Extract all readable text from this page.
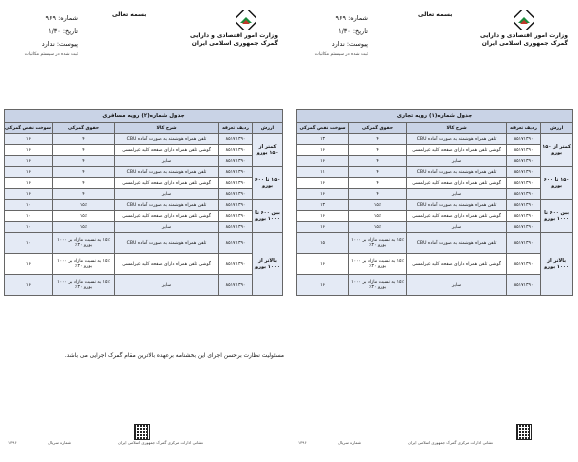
شماره: ۹۶۹
تاریخ: ۱/۳۰
پیوست: ندارد
ثبت شده در سیستم مکاتبات
بسمه تعالی
وزارت امور اقتصادی و دارایی
گمرک جمهوری اسلامی ایران
جدول شماره(۲) رویه مسافری				
ارزش	ردیف تعرفه	شرح کالا	حقوق گمرکی	سوخت نقض گمرکی
کمتر از ۱۵۰ یورو	۸۵۱۷۱۳۹۰	تلفن همراه هوشمند به صورت آماده CBU	۴	۱۶
	۸۵۱۷۱۳۹۰	گوشی تلفن همراه دارای صفحه کلید غیرلمسی	۴	۱۶
	۸۵۱۷۱۳۹۰	سایر	۴	۱۶
۱۵۰ تا ۶۰۰ یورو	۸۵۱۷۱۳۹۰	تلفن همراه هوشمند به صورت آماده CBU	۴	۱۶
	۸۵۱۷۱۳۹۰	گوشی تلفن همراه دارای صفحه کلید غیرلمسی	۴	۱۶
	۸۵۱۷۱۳۹۰	سایر	۴	۱۶
بین ۶۰۰ تا ۱۰۰۰ یورو	۸۵۱۷۱۳۹۰	تلفن همراه هوشمند به صورت آماده CBU	۱۵٪	۱۰
	۸۵۱۷۱۳۹۰	گوشی تلفن همراه دارای صفحه کلید غیرلمسی	۱۵٪	۱۰
	۸۵۱۷۱۳۹۰	سایر	۱۵٪	۱۰
بالاتر از ۱۰۰۰ یورو	۸۵۱۷۱۳۹۰	تلفن همراه هوشمند به صورت آماده CBU	۱۵٪ به نسبت مازاد بر ۱۰۰۰ یورو ۳۰٪	۱۰
	۸۵۱۷۱۳۹۰	گوشی تلفن همراه دارای صفحه کلید غیرلمسی	۱۵٪ به نسبت مازاد بر ۱۰۰۰ یورو ۳۰٪	۱۶
	۸۵۱۷۱۳۹۰	سایر	۱۵٪ به نسبت مازاد بر ۱۰۰۰ یورو ۳۰٪	۱۶
مسئولیت نظارت برحسن اجرای این بخشنامه برعهده بالاترین مقام گمرک اجرایی می باشد.
۱۳۹۶	شماره سریال	نشانی ادارات مرکزی گمرک جمهوری اسلامی ایران
شماره: ۹۶۹
تاریخ: ۱/۳۰
پیوست: ندارد
ثبت شده در سیستم مکاتبات
بسمه تعالی
وزارت امور اقتصادی و دارایی
گمرک جمهوری اسلامی ایران
جدول شماره(۱) رویه تجاری				
ارزش	ردیف تعرفه	شرح کالا	حقوق گمرکی	سوخت نقض گمرکی
کمتر از ۱۵۰ یورو	۸۵۱۷۱۳۹۰	تلفن همراه هوشمند به صورت آماده CBU	۴	۱۳
	۸۵۱۷۱۳۹۰	گوشی تلفن همراه دارای صفحه کلید غیرلمسی	۴	۱۶
	۸۵۱۷۱۳۹۰	سایر	۴	۱۶
۱۵۰ تا ۶۰۰ یورو	۸۵۱۷۱۳۹۰	تلفن همراه هوشمند به صورت آماده CBU	۴	۱۱
	۸۵۱۷۱۳۹۰	گوشی تلفن همراه دارای صفحه کلید غیرلمسی	۴	۱۶
	۸۵۱۷۱۳۹۰	سایر	۴	۱۶
بین ۶۰۰ تا ۱۰۰۰ یورو	۸۵۱۷۱۳۹۰	تلفن همراه هوشمند به صورت آماده CBU	۱۵٪	۱۳
	۸۵۱۷۱۳۹۰	گوشی تلفن همراه دارای صفحه کلید غیرلمسی	۱۵٪	۱۶
	۸۵۱۷۱۳۹۰	سایر	۱۵٪	۱۶
بالاتر از ۱۰۰۰ یورو	۸۵۱۷۱۳۹۰	تلفن همراه هوشمند به صورت آماده CBU	۱۵٪ به نسبت مازاد بر ۱۰۰۰ یورو ۳۰٪	۱۵
	۸۵۱۷۱۳۹۰	گوشی تلفن همراه دارای صفحه کلید غیرلمسی	۱۵٪ به نسبت مازاد بر ۱۰۰۰ یورو ۳۰٪	۱۶
	۸۵۱۷۱۳۹۰	سایر	۱۵٪ به نسبت مازاد بر ۱۰۰۰ یورو ۳۰٪	۱۶
۱۳۹۶	شماره سریال	نشانی ادارات مرکزی گمرک جمهوری اسلامی ایران
